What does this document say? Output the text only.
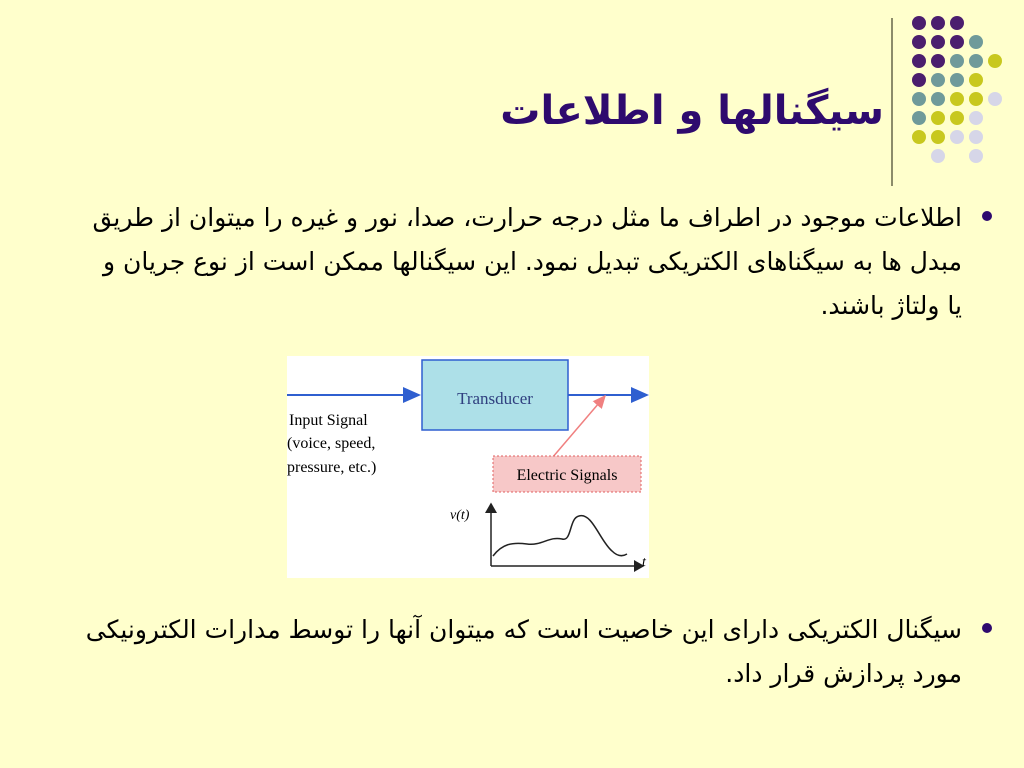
سیگنالها و اطلاعات
اطلاعات موجود در اطراف ما مثل درجه حرارت، صدا، نور و غیره را میتوان از طریق مبدل ها به سیگناهای الکتریکی تبدیل نمود. این سیگنالها ممکن است از نوع جریان و یا ولتاژ باشند.
Transducer
Input Signal
(voice, speed,
pressure, etc.)	Electric Signals
v(t)
t
سیگنال الکتریکی دارای این خاصیت است که میتوان آنها را توسط مدارات الکترونیکی مورد پردازش قرار داد.
